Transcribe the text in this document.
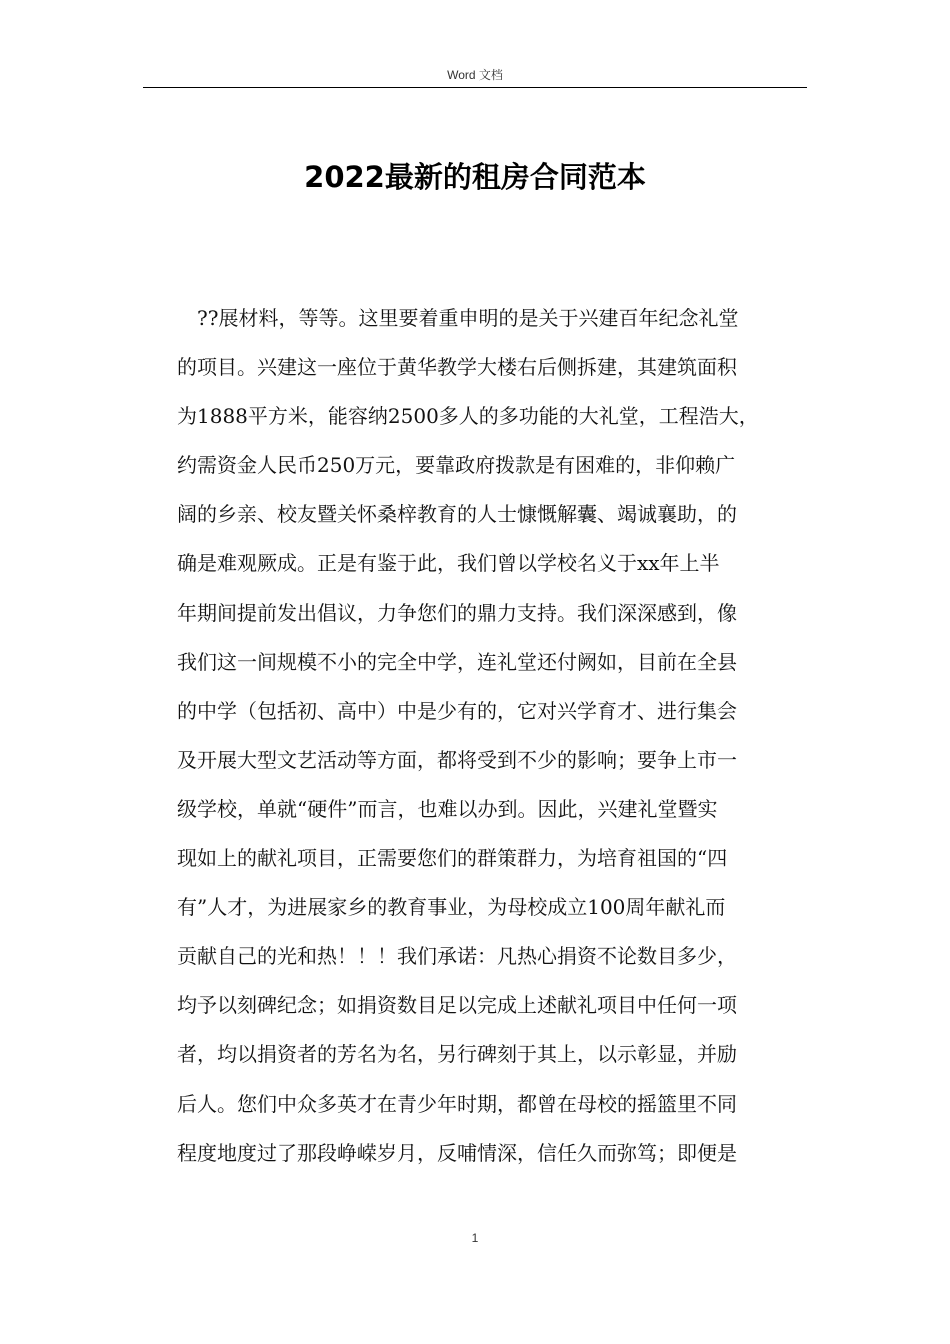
Word 文档
2022最新的租房合同范本
??展材料，等等。这里要着重申明的是关于兴建百年纪念礼堂
的项目。兴建这一座位于黄华教学大楼右后侧拆建，其建筑面积
为1888平方米，能容纳2500多人的多功能的大礼堂，工程浩大，
约需资金人民币250万元，要靠政府拨款是有困难的，非仰赖广
阔的乡亲、校友暨关怀桑梓教育的人士慷慨解囊、竭诚襄助，的
确是难观厥成。正是有鉴于此，我们曾以学校名义于xx年上半
年期间提前发出倡议，力争您们的鼎力支持。我们深深感到，像
我们这一间规模不小的完全中学，连礼堂还付阙如，目前在全县
的中学（包括初、高中）中是少有的，它对兴学育才、进行集会
及开展大型文艺活动等方面，都将受到不少的影响；要争上市一
级学校，单就“硬件”而言，也难以办到。因此，兴建礼堂暨实
现如上的献礼项目，正需要您们的群策群力，为培育祖国的“四
有”人才，为进展家乡的教育事业，为母校成立100周年献礼而
贡献自己的光和热！！！我们承诺：凡热心捐资不论数目多少，
均予以刻碑纪念；如捐资数目足以完成上述献礼项目中任何一项
者，均以捐资者的芳名为名，另行碑刻于其上，以示彰显，并励
后人。您们中众多英才在青少年时期，都曾在母校的摇篮里不同
程度地度过了那段峥嵘岁月，反哺情深，信任久而弥笃；即便是
1
